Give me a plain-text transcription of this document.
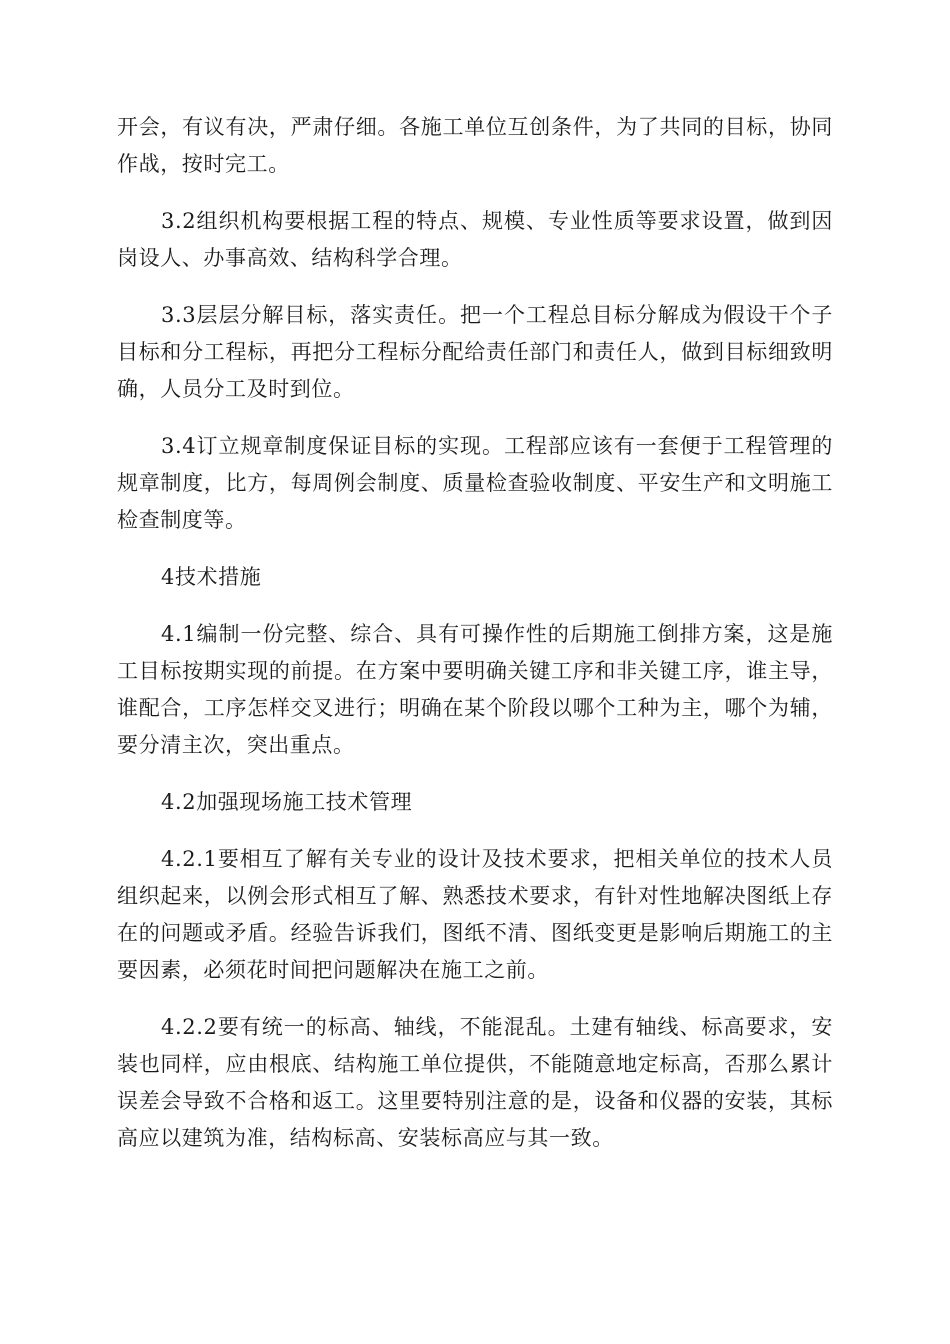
开会，有议有决，严肃仔细。各施工单位互创条件，为了共同的目标，协同作战，按时完工。

3.2组织机构要根据工程的特点、规模、专业性质等要求设置，做到因岗设人、办事高效、结构科学合理。

3.3层层分解目标，落实责任。把一个工程总目标分解成为假设干个子目标和分工程标，再把分工程标分配给责任部门和责任人，做到目标细致明确，人员分工及时到位。

3.4订立规章制度保证目标的实现。工程部应该有一套便于工程管理的规章制度，比方，每周例会制度、质量检查验收制度、平安生产和文明施工检查制度等。

4技术措施

4.1编制一份完整、综合、具有可操作性的后期施工倒排方案，这是施工目标按期实现的前提。在方案中要明确关键工序和非关键工序，谁主导，谁配合，工序怎样交叉进行；明确在某个阶段以哪个工种为主，哪个为辅，要分清主次，突出重点。

4.2加强现场施工技术管理

4.2.1要相互了解有关专业的设计及技术要求，把相关单位的技术人员组织起来，以例会形式相互了解、熟悉技术要求，有针对性地解决图纸上存在的问题或矛盾。经验告诉我们，图纸不清、图纸变更是影响后期施工的主要因素，必须花时间把问题解决在施工之前。

4.2.2要有统一的标高、轴线，不能混乱。土建有轴线、标高要求，安装也同样，应由根底、结构施工单位提供，不能随意地定标高，否那么累计误差会导致不合格和返工。这里要特别注意的是，设备和仪器的安装，其标高应以建筑为准，结构标高、安装标高应与其一致。
